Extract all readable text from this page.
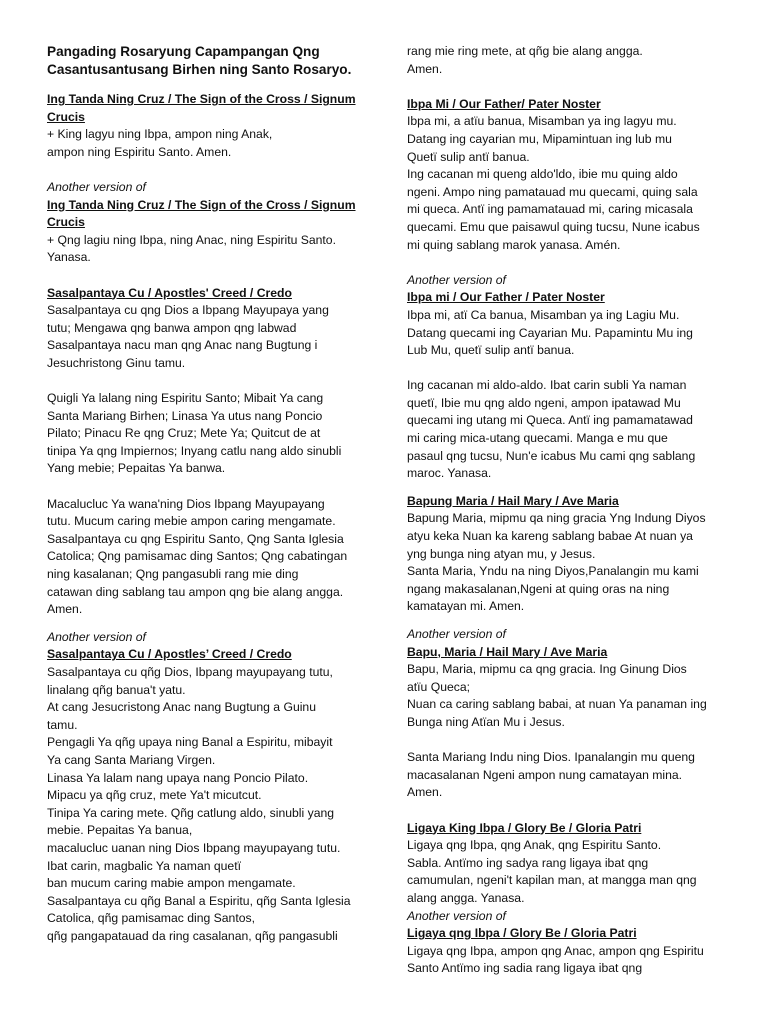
Pangading Rosaryung Capampangan Qng
Casantusantusang Birhen ning Santo Rosaryo.
Ing Tanda Ning Cruz / The Sign of the Cross / Signum
Crucis
+ King lagyu ning Ibpa, ampon ning Anak,
ampon ning Espiritu Santo. Amen.
Another version of
Ing Tanda Ning Cruz / The Sign of the Cross / Signum
Crucis
+ Qng lagiu ning Ibpa, ning Anac, ning Espiritu Santo.
Yanasa.
Sasalpantaya Cu / Apostles' Creed / Credo
Sasalpantaya cu qng Dios a Ibpang Mayupaya yang
tutu; Mengawa qng banwa ampon qng labwad
Sasalpantaya nacu man qng Anac nang Bugtung i
Jesuchristong Ginu tamu.
Quigli Ya lalang ning Espiritu Santo; Mibait Ya cang
Santa Mariang Birhen; Linasa Ya utus nang Poncio
Pilato; Pinacu Re qng Cruz; Mete Ya; Quitcut de at
tinipa Ya qng Impiernos; Inyang catlu nang aldo sinubli
Yang mebie; Pepaitas Ya banwa.
Macalucluc Ya wana'ning Dios Ibpang Mayupayang
tutu. Mucum caring mebie ampon caring mengamate.
Sasalpantaya cu qng Espiritu Santo, Qng Santa Iglesia
Catolica; Qng pamisamac ding Santos; Qng cabatingan
ning kasalanan; Qng pangasubli rang mie ding
catawan ding sablang tau ampon qng bie alang angga.
Amen.
Another version of
Sasalpantaya Cu / Apostles’ Creed / Credo
Sasalpantaya cu qñg Dios, Ibpang mayupayang tutu,
linalang qñg banua't yatu.
At cang Jesucristong Anac nang Bugtung a Guinu
tamu.
Pengagli Ya qñg upaya ning Banal a Espiritu, mibayit
Ya cang Santa Mariang Virgen.
Linasa Ya lalam nang upaya nang Poncio Pilato.
Mipacu ya qñg cruz, mete Ya't micutcut.
Tinipa Ya caring mete. Qñg catlung aldo, sinubli yang
mebie. Pepaitas Ya banua,
macalucluc uanan ning Dios Ibpang mayupayang tutu.
Ibat carin, magbalic Ya naman quetï
ban mucum caring mabie ampon mengamate.
Sasalpantaya cu qñg Banal a Espiritu, qñg Santa Iglesia
Catolica, qñg pamisamac ding Santos,
qñg pangapatauad da ring casalanan, qñg pangasubli
rang mie ring mete, at qñg bie alang angga.
Amen.
Ibpa Mi / Our Father/ Pater Noster
Ibpa mi, a atïu banua, Misamban ya ing lagyu mu.
Datang ing cayarian mu, Mipamintuan ing lub mu
Quetï sulip antï banua.
Ing cacanan mi queng aldo'ldo, ibie mu quing aldo
ngeni. Ampo ning pamatauad mu quecami, quing sala
mi queca. Antï ing pamamatauad mi, caring micasala
quecami. Emu que paisawul quing tucsu, Nune icabus
mi quing sablang marok yanasa. Amén.
Another version of
Ibpa mi / Our Father / Pater Noster
Ibpa mi, atï Ca banua, Misamban ya ing Lagiu Mu.
Datang quecami ing Cayarian Mu. Papamintu Mu ing
Lub Mu, quetï sulip antï banua.
Ing cacanan mi aldo-aldo. Ibat carin subli Ya naman
quetï, Ibie mu qng aldo ngeni, ampon ipatawad Mu
quecami ing utang mi Queca. Antï ing pamamatawad
mi caring mica-utang quecami. Manga e mu que
pasaul qng tucsu, Nun'e icabus Mu cami qng sablang
maroc. Yanasa.
Bapung Maria / Hail Mary / Ave Maria
Bapung Maria, mipmu qa ning gracia Yng Indung Diyos
atyu keka Nuan ka kareng sablang babae At nuan ya
yng bunga ning atyan mu, y Jesus.
Santa Maria, Yndu na ning Diyos,Panalangin mu kami
ngang makasalanan,Ngeni at quing oras na ning
kamatayan mi. Amen.
Another version of
Bapu, Maria / Hail Mary / Ave Maria
Bapu, Maria, mipmu ca qng gracia. Ing Ginung Dios
atïu Queca;
Nuan ca caring sablang babai, at nuan Ya panaman ing
Bunga ning Atïan Mu i Jesus.
Santa Mariang Indu ning Dios. Ipanalangin mu queng
macasalanan Ngeni ampon nung camatayan mina.
Amen.
Ligaya King Ibpa / Glory Be / Gloria Patri
Ligaya qng Ibpa, qng Anak, qng Espiritu Santo.
Sabla. Antïmo ing sadya rang ligaya ibat qng
camumulan, ngeni't kapilan man, at mangga man qng
alang angga. Yanasa.
Another version of
Ligaya qng Ibpa / Glory Be / Gloria Patri
Ligaya qng Ibpa, ampon qng Anac, ampon qng Espiritu
Santo Antïmo ing sadia rang ligaya ibat qng
